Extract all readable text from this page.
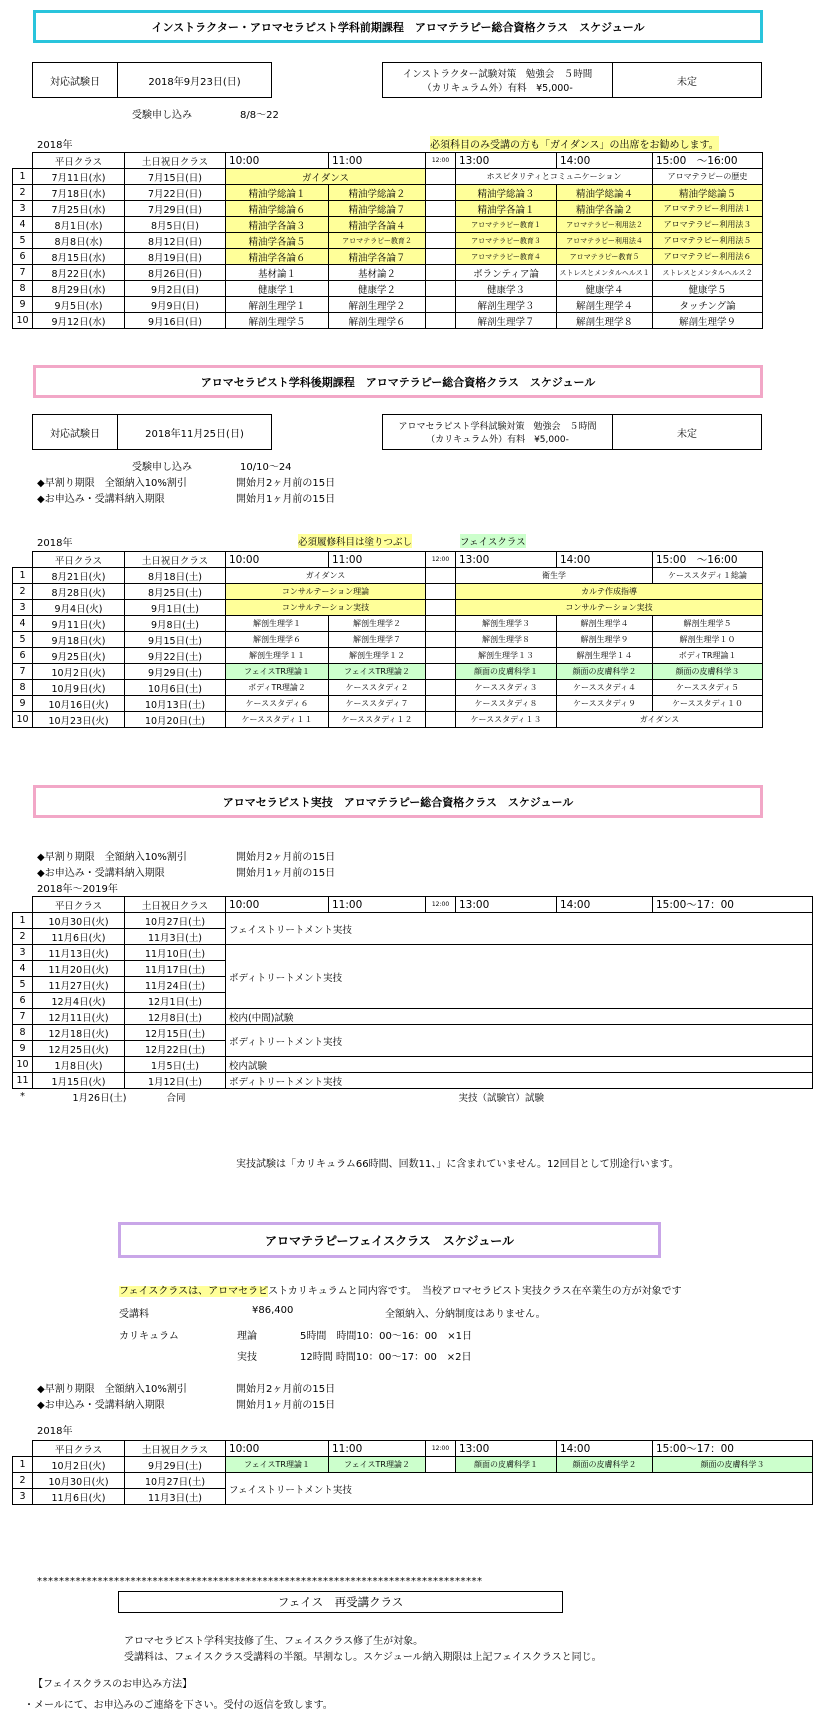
インストラクター・アロマセラピスト学科前期課程　アロマテラピー総合資格クラス　スケジュール
対応試験日	2018年9月23日(日)
インストラクター試験対策　勉強会　５時間
（カリキュラム外）有料　¥5,000-
未定
受験申し込み	8/8～22
2018年	必須科目のみ受講の方も「ガイダンス」の出席をお勧めします。
	平日クラス	土日祝日クラス	10:00	11:00	12:00	13:00	14:00	15:00　～16:00
1	7月11日(水)	7月15日(日)	ガイダンス			ホスピタリティとコミュニケーション		アロマテラピーの歴史
2	7月18日(水)	7月22日(日)	精油学総論１	精油学総論２		精油学総論３	精油学総論４	精油学総論５
3	7月25日(水)	7月29日(日)	精油学総論６	精油学総論７		精油学各論１	精油学各論２	アロマテラピー利用法１
4	8月1日(水)	8月5日(日)	精油学各論３	精油学各論４		アロマテラピー教育１	アロマテラピー利用法２	アロマテラピー利用法３
5	8月8日(水)	8月12日(日)	精油学各論５	アロマテラピー教育２		アロマテラピー教育３	アロマテラピー利用法４	アロマテラピー利用法５
6	8月15日(水)	8月19日(日)	精油学各論６	精油学各論７		アロマテラピー教育４	アロマテラピー教育５	アロマテラピー利用法６
7	8月22日(水)	8月26日(日)	基材論１	基材論２		ボランティア論	ストレスとメンタルヘルス１	ストレスとメンタルヘルス２
8	8月29日(水)	9月2日(日)	健康学１	健康学２		健康学３	健康学４	健康学５
9	9月5日(水)	9月9日(日)	解剖生理学１	解剖生理学２		解剖生理学３	解剖生理学４	タッチング論
10	9月12日(水)	9月16日(日)	解剖生理学５	解剖生理学６		解剖生理学７	解剖生理学８	解剖生理学９
アロマセラピスト学科後期課程　アロマテラピー総合資格クラス　スケジュール
対応試験日	2018年11月25日(日)
アロマセラピスト学科試験対策　勉強会　５時間
（カリキュラム外）有料　¥5,000-
未定
受験申し込み	10/10～24
◆早割り期限　全額納入10%割引	開始月2ヶ月前の15日
◆お申込み・受講料納入期限	開始月1ヶ月前の15日
2018年	必須履修科目は塗りつぶし	フェイスクラス
	平日クラス	土日祝日クラス	10:00	11:00	12:00	13:00	14:00	15:00　～16:00
1	8月21日(火)	8月18日(土)	ガイダンス			衛生学		ケーススタディ１総論
2	8月28日(火)	8月25日(土)	コンサルテーション理論			カルテ作成指導		
3	9月4日(火)	9月1日(土)	コンサルテーション実技			コンサルテーション実技		
4	9月11日(火)	9月8日(土)	解剖生理学１	解剖生理学２		解剖生理学３	解剖生理学４	解剖生理学５
5	9月18日(火)	9月15日(土)	解剖生理学６	解剖生理学７		解剖生理学８	解剖生理学９	解剖生理学１０
6	9月25日(火)	9月22日(土)	解剖生理学１１	解剖生理学１２		解剖生理学１３	解剖生理学１４	ボディTR理論１
7	10月2日(火)	9月29日(土)	フェイスTR理論１	フェイスTR理論２		顔面の皮膚科学１	顔面の皮膚科学２	顔面の皮膚科学３
8	10月9日(火)	10月6日(土)	ボディTR理論２	ケーススタディ２		ケーススタディ３	ケーススタディ４	ケーススタディ５
9	10月16日(火)	10月13日(土)	ケーススタディ６	ケーススタディ７		ケーススタディ８	ケーススタディ９	ケーススタディ１０
10	10月23日(火)	10月20日(土)	ケーススタディ１１	ケーススタディ１２		ケーススタディ１３	ガイダンス	
アロマセラピスト実技　アロマテラピー総合資格クラス　スケジュール
◆早割り期限　全額納入10%割引	開始月2ヶ月前の15日
◆お申込み・受講料納入期限	開始月1ヶ月前の15日
2018年～2019年
	平日クラス	土日祝日クラス	10:00	11:00	12:00	13:00	14:00	15:00～17：00
1	10月30日(火)	10月27日(土)	フェイストリートメント実技					
2	11月6日(火)	11月3日(土)						
3	11月13日(火)	11月10日(土)	ボディトリートメント実技					
4	11月20日(火)	11月17日(土)						
5	11月27日(火)	11月24日(土)						
6	12月4日(火)	12月1日(土)						
7	12月11日(火)	12月8日(土)	校内(中間)試験					
8	12月18日(火)	12月15日(土)	ボディトリートメント実技					
9	12月25日(火)	12月22日(土)						
10	1月8日(火)	1月5日(土)	校内試験					
11	1月15日(火)	1月12日(土)	ボディトリートメント実技					
*	1月26日(土) 合同					実技（試験官）試験		
実技試験は「カリキュラム66時間、回数11、」に含まれていません。12回目として別途行います。
アロマテラピーフェイスクラス　スケジュール
フェイスクラスは、アロマセラピストカリキュラムと同内容です。　当校アロマセラピスト実技クラス在卒業生の方が対象です
受講料	¥86,400	全額納入、分納制度はありません。
カリキュラム	理論	5時間　時間10：00～16：00　×1日
実技	12時間 時間10：00～17：00　×2日
◆早割り期限　全額納入10%割引	開始月2ヶ月前の15日
◆お申込み・受講料納入期限	開始月1ヶ月前の15日
2018年
	平日クラス	土日祝日クラス	10:00	11:00	12:00	13:00	14:00	15:00～17：00
1	10月2日(火)	9月29日(土)	フェイスTR理論１	フェイスTR理論２		顔面の皮膚科学１	顔面の皮膚科学２	顔面の皮膚科学３
2	10月30日(火)	10月27日(土)	フェイストリートメント実技					
3	11月6日(火)	11月3日(土)						
*********************************************************************************
フェイス　再受講クラス
アロマセラピスト学科実技修了生、フェイスクラス修了生が対象。
受講料は、フェイスクラス受講料の半額。早割なし。スケジュール納入期限は上記フェイスクラスと同じ。
【フェイスクラスのお申込み方法】
・メールにて、お申込みのご連絡を下さい。受付の返信を致します。
